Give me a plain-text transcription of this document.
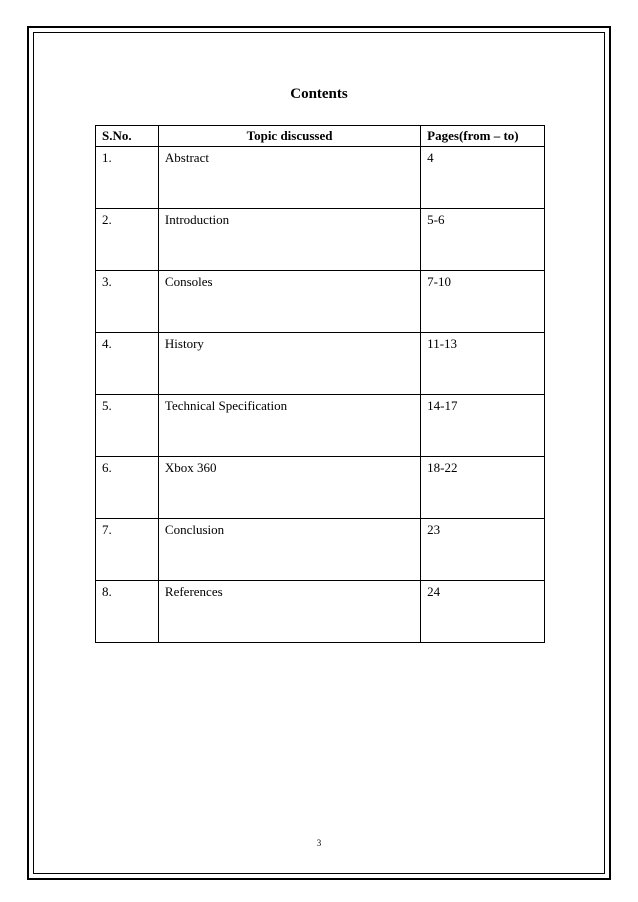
Contents
S.No.	Topic discussed	Pages(from – to)
1.	Abstract	4
2.	Introduction	5-6
3.	Consoles	7-10
4.	History	11-13
5.	Technical Specification	14-17
6.	Xbox 360	18-22
7.	Conclusion	23
8.	References	24
3
